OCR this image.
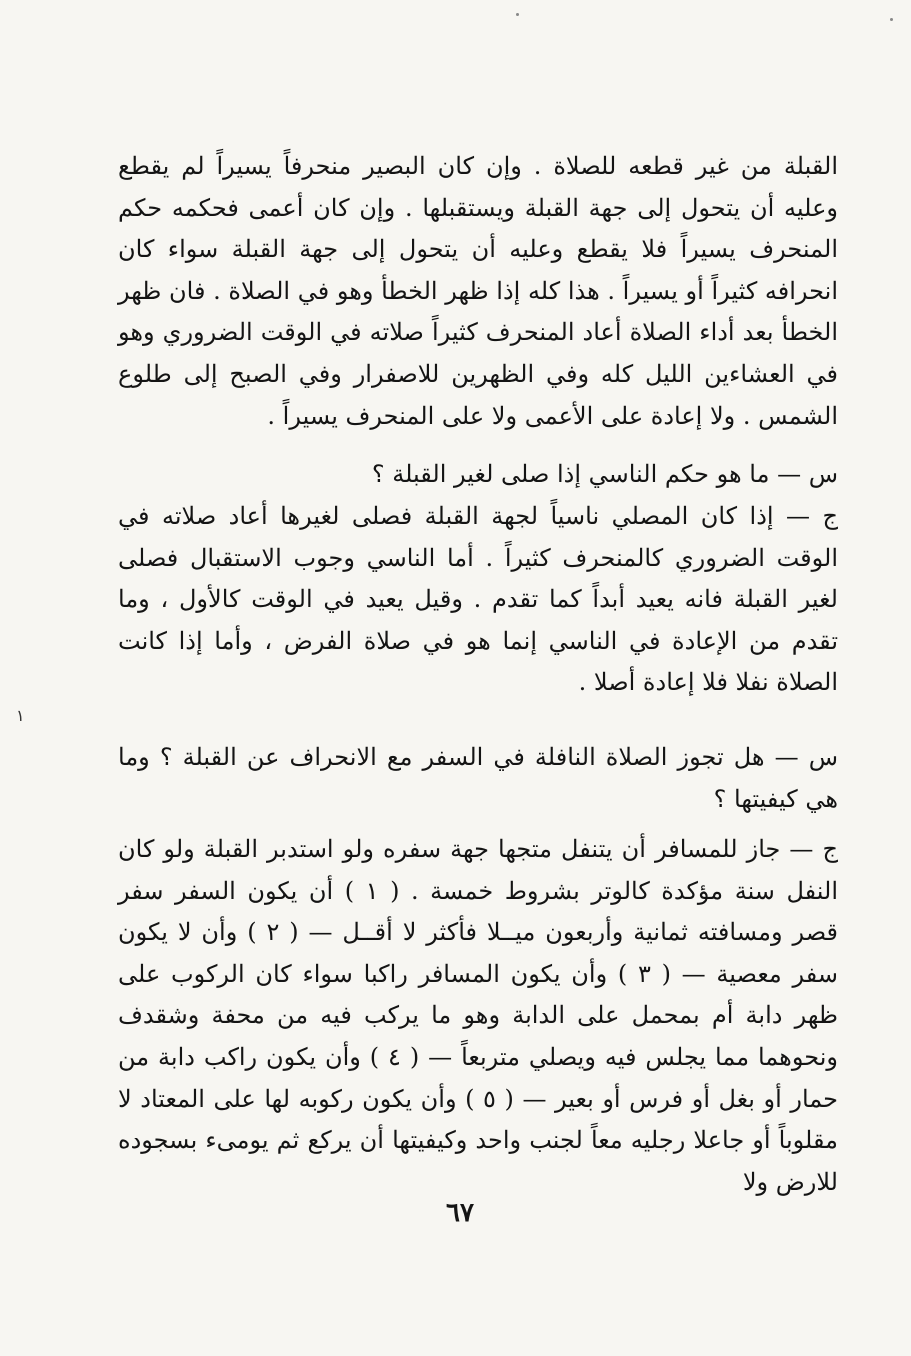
القبلة من غير قطعه للصلاة . وإن كان البصير منحرفاً يسيراً لم يقطع وعليه أن يتحول إلى جهة القبلة ويستقبلها . وإن كان أعمى فحكمه حكم المنحرف يسيراً فلا يقطع وعليه أن يتحول إلى جهة القبلة سواء كان انحرافه كثيراً أو يسيراً . هذا كله إذا ظهر الخطأ وهو في الصلاة . فان ظهر الخطأ بعد أداء الصلاة أعاد المنحرف كثيراً صلاته في الوقت الضروري وهو في العشاءين الليل كله وفي الظهرين للاصفرار وفي الصبح إلى طلوع الشمس . ولا إعادة على الأعمى ولا على المنحرف يسيراً .

س — ما هو حكم الناسي إذا صلى لغير القبلة ؟

ج — إذا كان المصلي ناسياً لجهة القبلة فصلى لغيرها أعاد صلاته في الوقت الضروري كالمنحرف كثيراً . أما الناسي وجوب الاستقبال فصلى لغير القبلة فانه يعيد أبداً كما تقدم . وقيل يعيد في الوقت كالأول ، وما تقدم من الإعادة في الناسي إنما هو في صلاة الفرض ، وأما إذا كانت الصلاة نفلا فلا إعادة أصلا .

س — هل تجوز الصلاة النافلة في السفر مع الانحراف عن القبلة ؟ وما هي كيفيتها ؟

ج — جاز للمسافر أن يتنفل متجها جهة سفره ولو استدبر القبلة ولو كان النفل سنة مؤكدة كالوتر بشروط خمسة . ( ١ ) أن يكون السفر سفر قصر ومسافته ثمانية وأربعون ميــلا فأكثر لا أقــل — ( ٢ ) وأن لا يكون سفر معصية — ( ٣ ) وأن يكون المسافر راكبا سواء كان الركوب على ظهر دابة أم بمحمل على الدابة وهو ما يركب فيه من محفة وشقدف ونحوهما مما يجلس فيه ويصلي متربعاً — ( ٤ ) وأن يكون راكب دابة من حمار أو بغل أو فرس أو بعير — ( ٥ ) وأن يكون ركوبه لها على المعتاد لا مقلوباً أو جاعلا رجليه معاً لجنب واحد وكيفيتها أن يركع ثم يومىء بسجوده للارض ولا

٦٧
١
